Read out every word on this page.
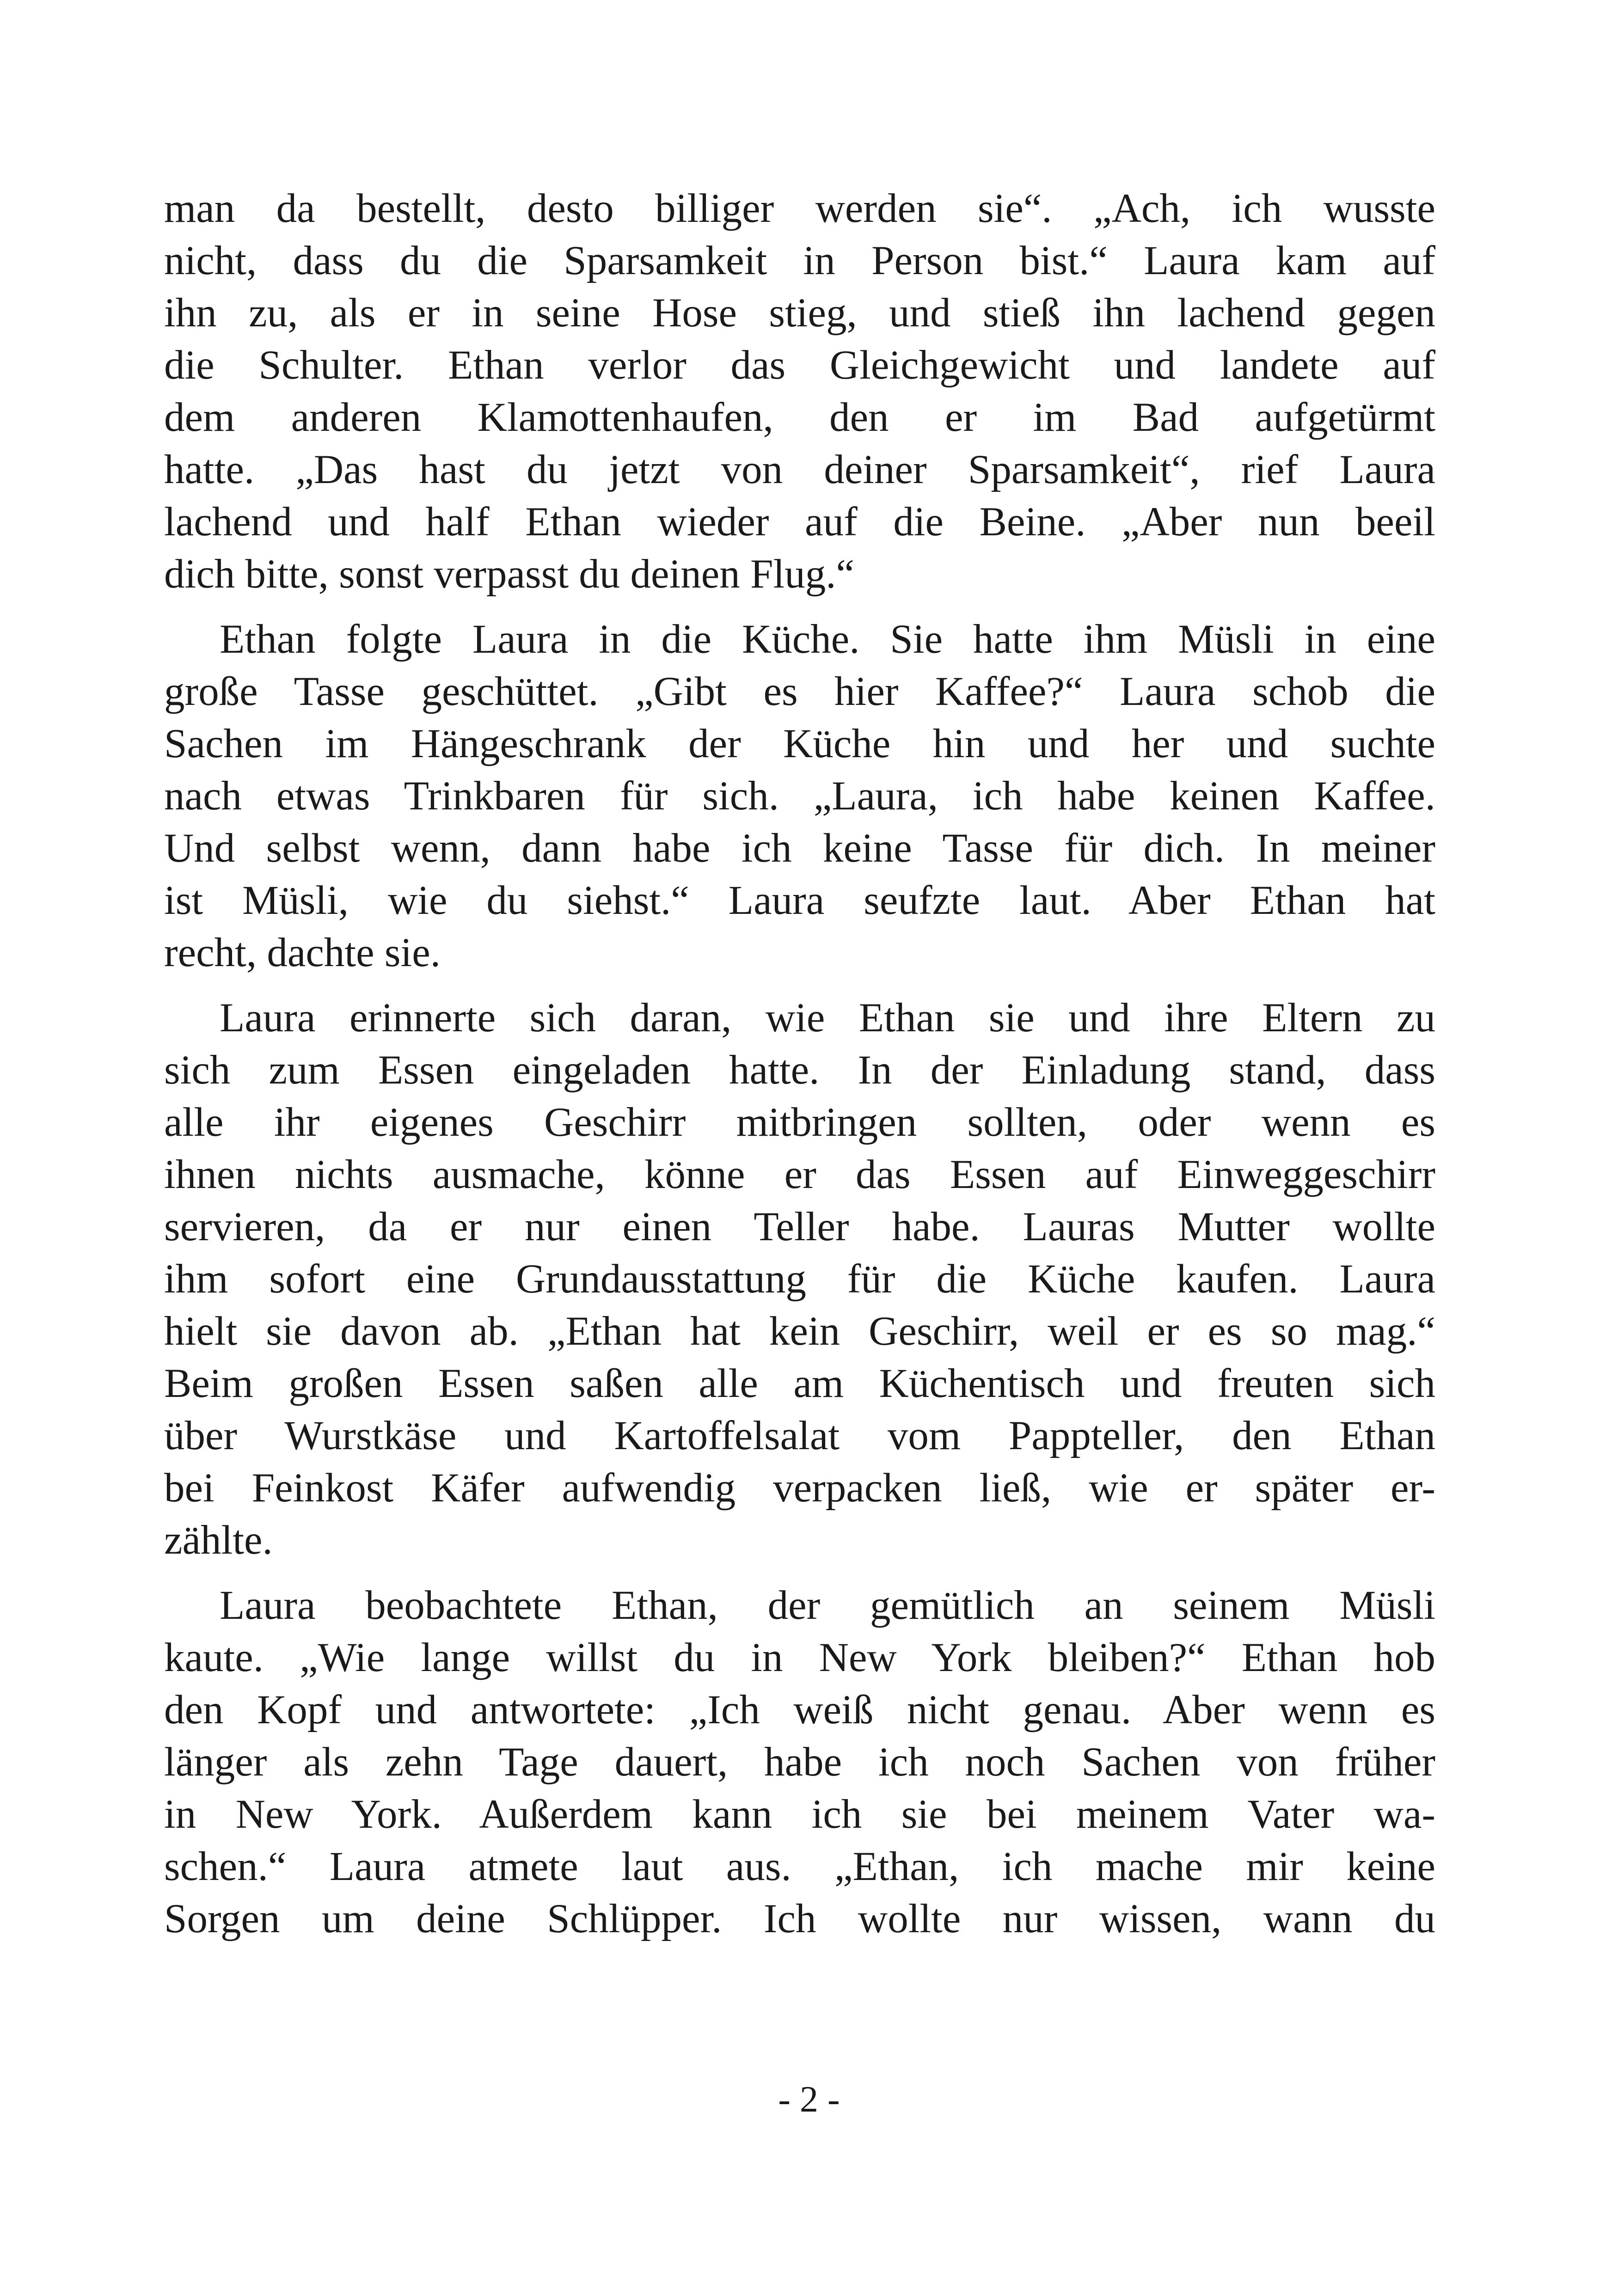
man da bestellt, desto billiger werden sie“. „Ach, ich wusste
nicht, dass du die Sparsamkeit in Person bist.“ Laura kam auf
ihn zu, als er in seine Hose stieg, und stieß ihn lachend gegen
die Schulter. Ethan verlor das Gleichgewicht und landete auf
dem anderen Klamottenhaufen, den er im Bad aufgetürmt
hatte. „Das hast du jetzt von deiner Sparsamkeit“, rief Laura
lachend und half Ethan wieder auf die Beine. „Aber nun beeil
dich bitte, sonst verpasst du deinen Flug.“
Ethan folgte Laura in die Küche. Sie hatte ihm Müsli in eine
große Tasse geschüttet. „Gibt es hier Kaffee?“ Laura schob die
Sachen im Hängeschrank der Küche hin und her und suchte
nach etwas Trinkbaren für sich. „Laura, ich habe keinen Kaffee.
Und selbst wenn, dann habe ich keine Tasse für dich. In meiner
ist Müsli, wie du siehst.“ Laura seufzte laut. Aber Ethan hat
recht, dachte sie.
Laura erinnerte sich daran, wie Ethan sie und ihre Eltern zu
sich zum Essen eingeladen hatte. In der Einladung stand, dass
alle ihr eigenes Geschirr mitbringen sollten, oder wenn es
ihnen nichts ausmache, könne er das Essen auf Einweggeschirr
servieren, da er nur einen Teller habe. Lauras Mutter wollte
ihm sofort eine Grundausstattung für die Küche kaufen. Laura
hielt sie davon ab. „Ethan hat kein Geschirr, weil er es so mag.“
Beim großen Essen saßen alle am Küchentisch und freuten sich
über Wurstkäse und Kartoffelsalat vom Pappteller, den Ethan
bei Feinkost Käfer aufwendig verpacken ließ, wie er später er-
zählte.
Laura beobachtete Ethan, der gemütlich an seinem Müsli
kaute. „Wie lange willst du in New York bleiben?“ Ethan hob
den Kopf und antwortete: „Ich weiß nicht genau. Aber wenn es
länger als zehn Tage dauert, habe ich noch Sachen von früher
in New York. Außerdem kann ich sie bei meinem Vater wa-
schen.“ Laura atmete laut aus. „Ethan, ich mache mir keine
Sorgen um deine Schlüpper. Ich wollte nur wissen, wann du
- 2 -
